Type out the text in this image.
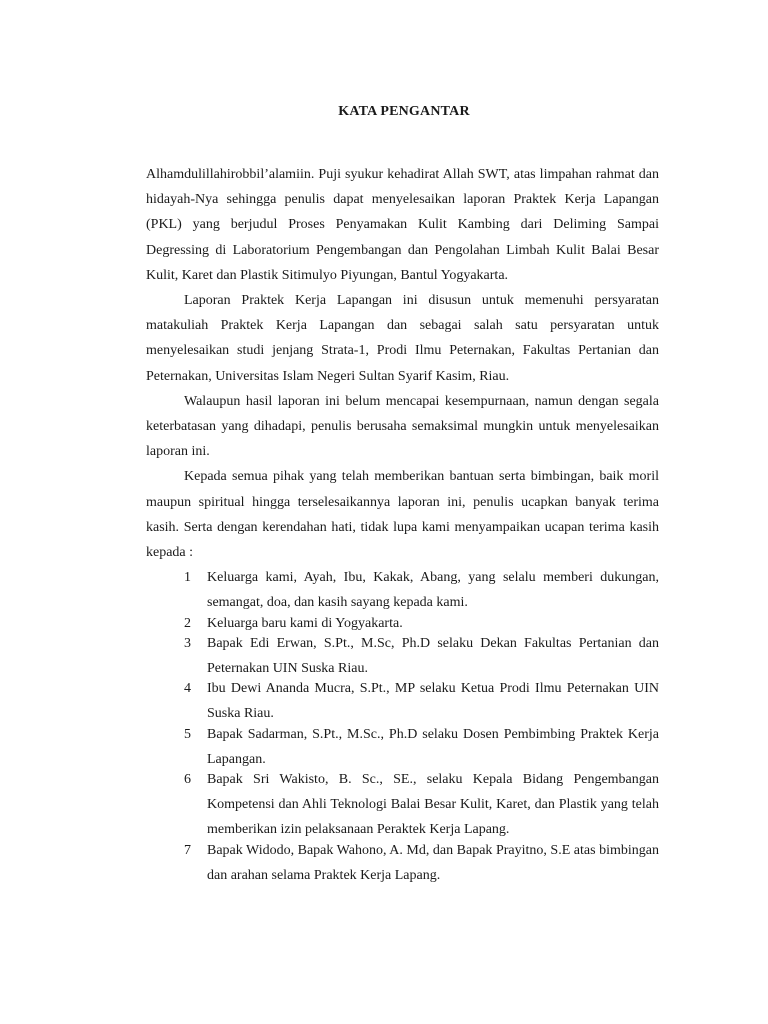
KATA PENGANTAR

Alhamdulillahirobbil’alamiin. Puji syukur kehadirat Allah SWT, atas limpahan rahmat dan hidayah-Nya sehingga penulis dapat menyelesaikan laporan Praktek Kerja Lapangan (PKL) yang berjudul Proses Penyamakan Kulit Kambing dari Deliming Sampai Degressing di Laboratorium Pengembangan dan Pengolahan Limbah Kulit Balai Besar Kulit, Karet dan Plastik Sitimulyo Piyungan, Bantul Yogyakarta.

Laporan Praktek Kerja Lapangan ini disusun untuk memenuhi persyaratan matakuliah Praktek Kerja Lapangan dan sebagai salah satu persyaratan untuk menyelesaikan studi jenjang Strata-1, Prodi Ilmu Peternakan, Fakultas Pertanian dan Peternakan, Universitas Islam Negeri Sultan Syarif Kasim, Riau.

Walaupun hasil laporan ini belum mencapai kesempurnaan, namun dengan segala keterbatasan yang dihadapi, penulis berusaha semaksimal mungkin untuk menyelesaikan laporan ini.

Kepada semua pihak yang telah memberikan bantuan serta bimbingan, baik moril maupun spiritual hingga terselesaikannya laporan ini, penulis ucapkan banyak terima kasih. Serta dengan kerendahan hati, tidak lupa kami menyampaikan ucapan terima kasih kepada :

1 Keluarga kami, Ayah, Ibu, Kakak, Abang, yang selalu memberi dukungan, semangat, doa, dan kasih sayang kepada kami.
2 Keluarga baru kami di Yogyakarta.
3 Bapak Edi Erwan, S.Pt., M.Sc, Ph.D selaku Dekan Fakultas Pertanian dan Peternakan UIN Suska Riau.
4 Ibu Dewi Ananda Mucra, S.Pt., MP selaku Ketua Prodi Ilmu Peternakan UIN Suska Riau.
5 Bapak Sadarman, S.Pt., M.Sc., Ph.D selaku Dosen Pembimbing Praktek Kerja Lapangan.
6 Bapak Sri Wakisto, B. Sc., SE., selaku Kepala Bidang Pengembangan Kompetensi dan Ahli Teknologi Balai Besar Kulit, Karet, dan Plastik yang telah memberikan izin pelaksanaan Peraktek Kerja Lapang.
7 Bapak Widodo, Bapak Wahono, A. Md, dan Bapak Prayitno, S.E atas bimbingan dan arahan selama Praktek Kerja Lapang.
